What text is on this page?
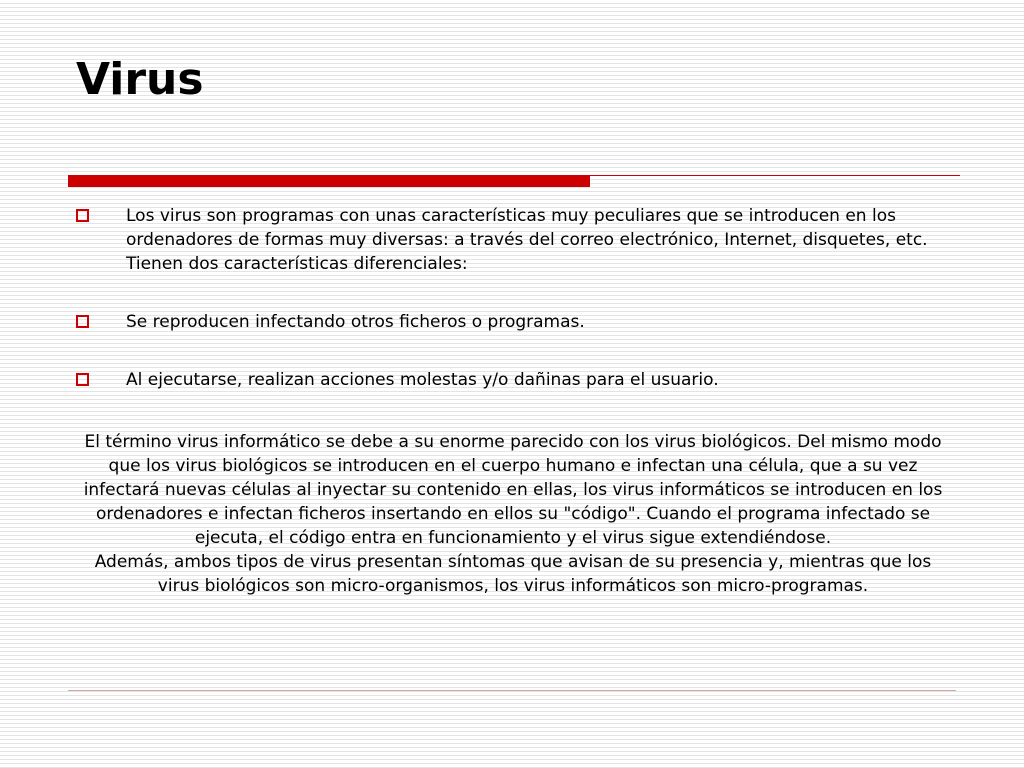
Virus
Los virus son programas con unas características muy peculiares que se introducen en los ordenadores de formas muy diversas: a través del correo electrónico, Internet, disquetes, etc. Tienen dos características diferenciales:
Se reproducen infectando otros ficheros o programas.
Al ejecutarse, realizan acciones molestas y/o dañinas para el usuario.

El término virus informático se debe a su enorme parecido con los virus biológicos. Del mismo modo que los virus biológicos se introducen en el cuerpo humano e infectan una célula, que a su vez infectará nuevas células al inyectar su contenido en ellas, los virus informáticos se introducen en los ordenadores e infectan ficheros insertando en ellos su "código". Cuando el programa infectado se ejecuta, el código entra en funcionamiento y el virus sigue extendiéndose.

Además, ambos tipos de virus presentan síntomas que avisan de su presencia y, mientras que los virus biológicos son micro-organismos, los virus informáticos son micro-programas.
